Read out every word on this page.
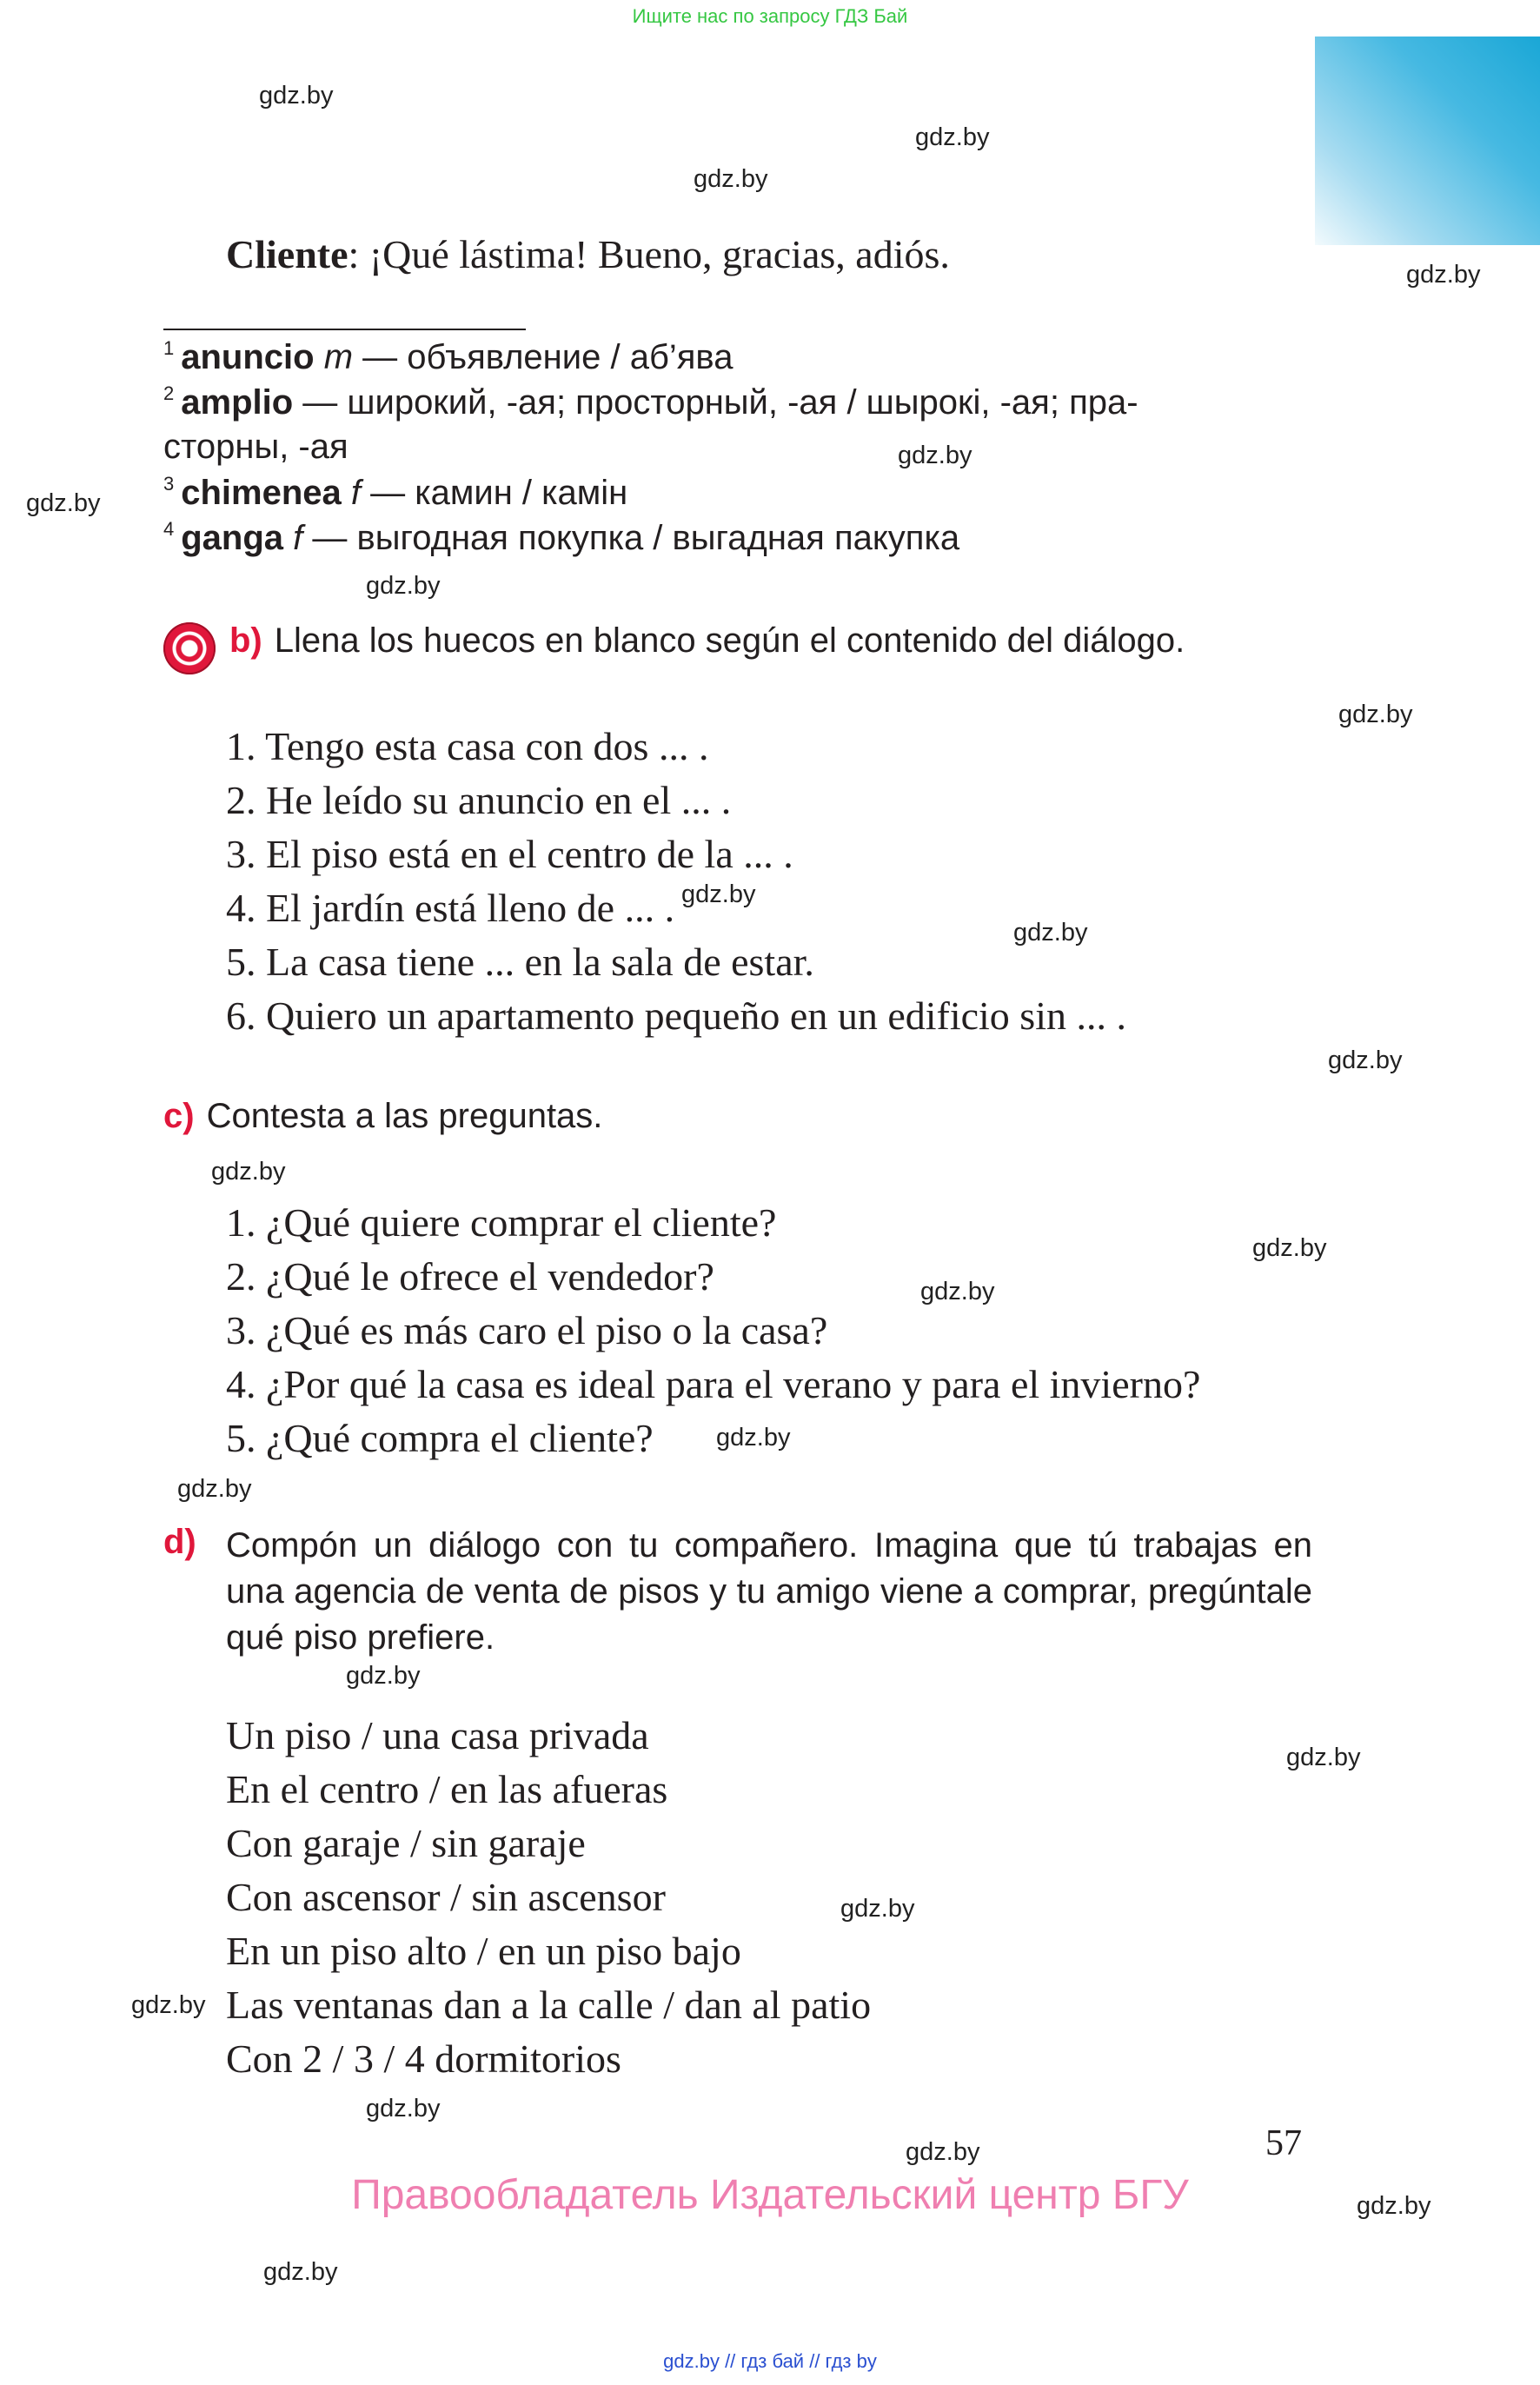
Ищите нас по запросу ГДЗ Бай
gdz.by
gdz.by
gdz.by
gdz.by
gdz.by
gdz.by
gdz.by
gdz.by
gdz.by
gdz.by
gdz.by
gdz.by
gdz.by
gdz.by
gdz.by
gdz.by
gdz.by
gdz.by
gdz.by
gdz.by
gdz.by
gdz.by
gdz.by
gdz.by
Cliente: ¡Qué lástima! Bueno, gracias, adiós.
$^1$ anuncio m — объявление / аб’ява
$^2$ amplio — широкий, -ая; просторный, -ая / шырокі, -ая; пра-
сторны, -ая
$^3$ chimenea f — камин / камін
$^4$ ganga f — выгодная покупка / выгадная пакупка
b) Llena los huecos en blanco según el contenido del diálogo.
1. Tengo esta casa con dos ... .
2. He leído su anuncio en el ... .
3. El piso está en el centro de la ... .
4. El jardín está lleno de ... .
5. La casa tiene ... en la sala de estar.
6. Quiero un apartamento pequeño en un edificio sin ... .
c) Contesta a las preguntas.
1. ¿Qué quiere comprar el cliente?
2. ¿Qué le ofrece el vendedor?
3. ¿Qué es más caro el piso o la casa?
4. ¿Por qué la casa es ideal para el verano y para el invierno?
5. ¿Qué compra el cliente?
d) Compón un diálogo con tu compañero. Imagina que tú trabajas en una agencia de venta de pisos y tu amigo viene a comprar, pregúntale qué piso prefiere.
Un piso / una casa privada
En el centro / en las afueras
Con garaje / sin garaje
Con ascensor / sin ascensor
En un piso alto / en un piso bajo
Las ventanas dan a la calle / dan al patio
Con 2 / 3 / 4 dormitorios
57
Правообладатель Издательский центр БГУ
gdz.by // гдз бай // гдз by
